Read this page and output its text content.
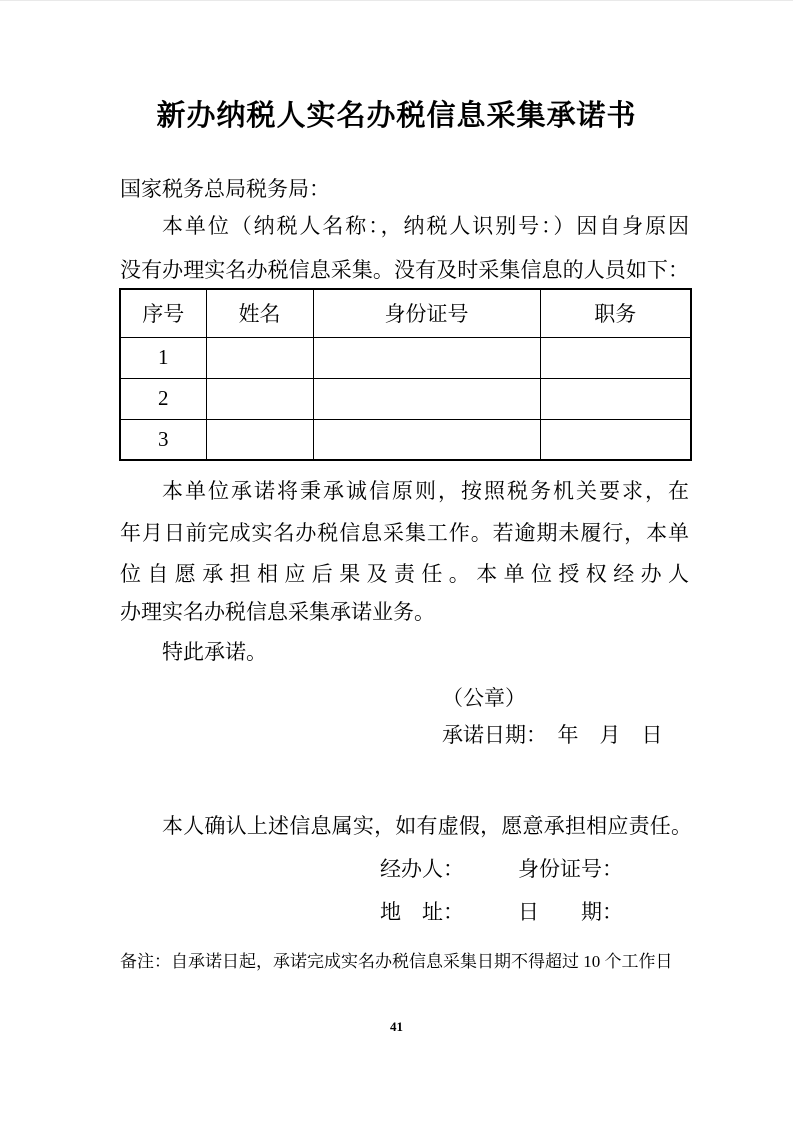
新办纳税人实名办税信息采集承诺书
国家税务总局税务局：
本单位（纳税人名称：，纳税人识别号：）因自身原因
没有办理实名办税信息采集。没有及时采集信息的人员如下：
序号	姓名	身份证号	职务
1			
2			
3			
本单位承诺将秉承诚信原则，按照税务机关要求，在
年月日前完成实名办税信息采集工作。若逾期未履行，本单
位自愿承担相应后果及责任。本单位授权经办人
办理实名办税信息采集承诺业务。
特此承诺。
（公章）
承诺日期：　年　月　日
本人确认上述信息属实，如有虚假，愿意承担相应责任。
经办人：	身份证号：
地　址：	日　　期：
备注：自承诺日起，承诺完成实名办税信息采集日期不得超过 10 个工作日
41
